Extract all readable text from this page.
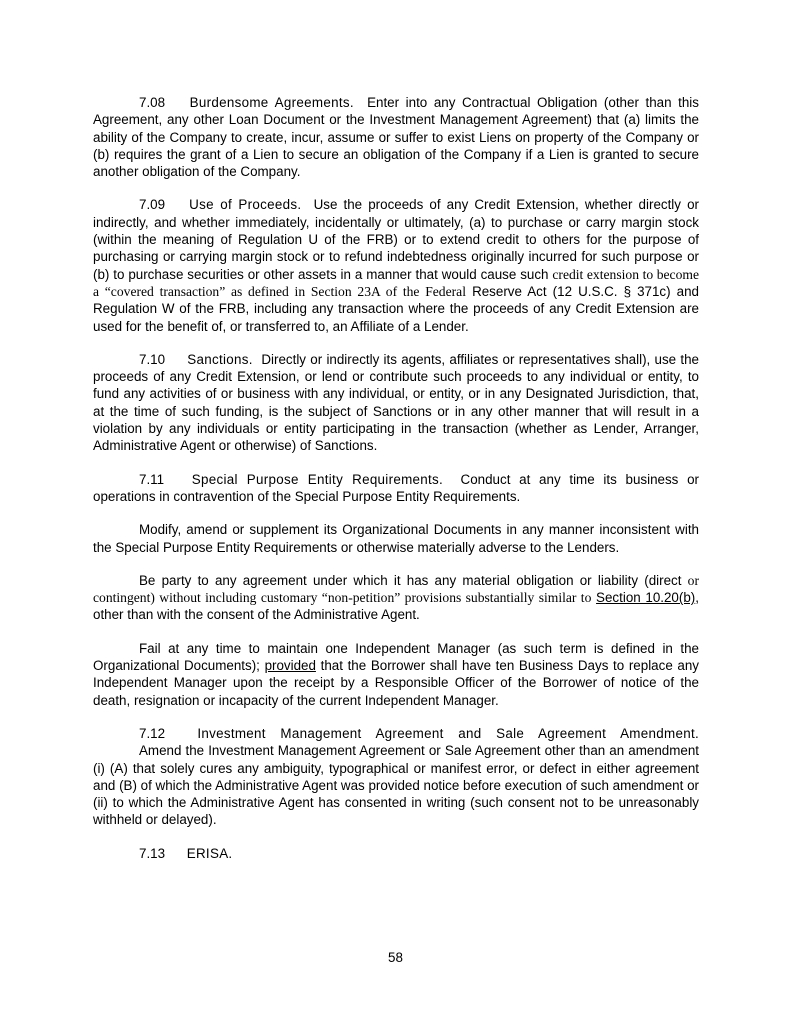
7.08 Burdensome Agreements. Enter into any Contractual Obligation (other than this Agreement, any other Loan Document or the Investment Management Agreement) that (a) limits the ability of the Company to create, incur, assume or suffer to exist Liens on property of the Company or (b) requires the grant of a Lien to secure an obligation of the Company if a Lien is granted to secure another obligation of the Company.

7.09 Use of Proceeds. Use the proceeds of any Credit Extension, whether directly or indirectly, and whether immediately, incidentally or ultimately, (a) to purchase or carry margin stock (within the meaning of Regulation U of the FRB) or to extend credit to others for the purpose of purchasing or carrying margin stock or to refund indebtedness originally incurred for such purpose or (b) to purchase securities or other assets in a manner that would cause such credit extension to become a “covered transaction” as defined in Section 23A of the Federal Reserve Act (12 U.S.C. § 371c) and Regulation W of the FRB, including any transaction where the proceeds of any Credit Extension are used for the benefit of, or transferred to, an Affiliate of a Lender.

7.10 Sanctions. Directly or indirectly its agents, affiliates or representatives shall), use the proceeds of any Credit Extension, or lend or contribute such proceeds to any individual or entity, to fund any activities of or business with any individual, or entity, or in any Designated Jurisdiction, that, at the time of such funding, is the subject of Sanctions or in any other manner that will result in a violation by any individuals or entity participating in the transaction (whether as Lender, Arranger, Administrative Agent or otherwise) of Sanctions.

7.11 Special Purpose Entity Requirements. Conduct at any time its business or operations in contravention of the Special Purpose Entity Requirements.

Modify, amend or supplement its Organizational Documents in any manner inconsistent with the Special Purpose Entity Requirements or otherwise materially adverse to the Lenders.

Be party to any agreement under which it has any material obligation or liability (direct or contingent) without including customary “non-petition” provisions substantially similar to Section 10.20(b), other than with the consent of the Administrative Agent.

Fail at any time to maintain one Independent Manager (as such term is defined in the Organizational Documents); provided that the Borrower shall have ten Business Days to replace any Independent Manager upon the receipt by a Responsible Officer of the Borrower of notice of the death, resignation or incapacity of the current Independent Manager.

7.12 Investment Management Agreement and Sale Agreement Amendment.

Amend the Investment Management Agreement or Sale Agreement other than an amendment (i) (A) that solely cures any ambiguity, typographical or manifest error, or defect in either agreement and (B) of which the Administrative Agent was provided notice before execution of such amendment or (ii) to which the Administrative Agent has consented in writing (such consent not to be unreasonably withheld or delayed).

7.13 ERISA.

58
